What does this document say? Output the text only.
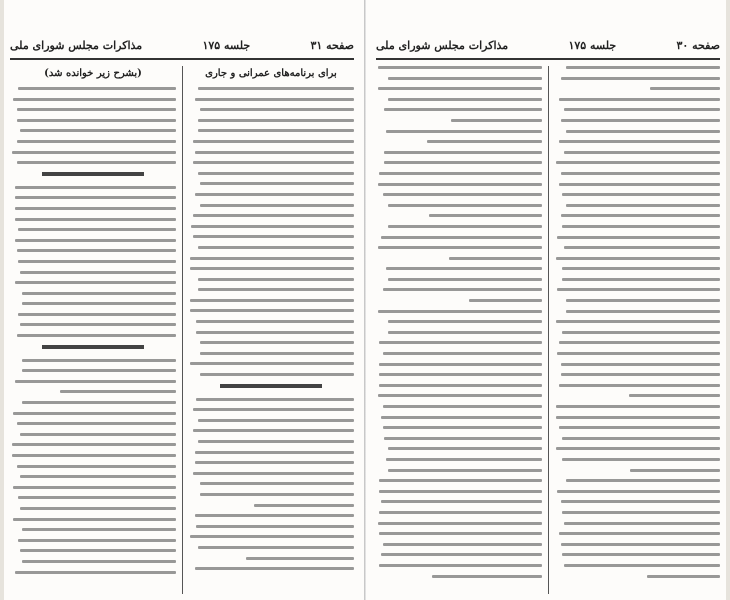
صفحه ۳۱
جلسه ۱۷۵
مذاکرات مجلس شورای ملی
(بشرح زیر خوانده شد)	برای برنامه‌های عمرانی و جاری
صفحه ۳۰
جلسه ۱۷۵
مذاکرات مجلس شورای ملی
